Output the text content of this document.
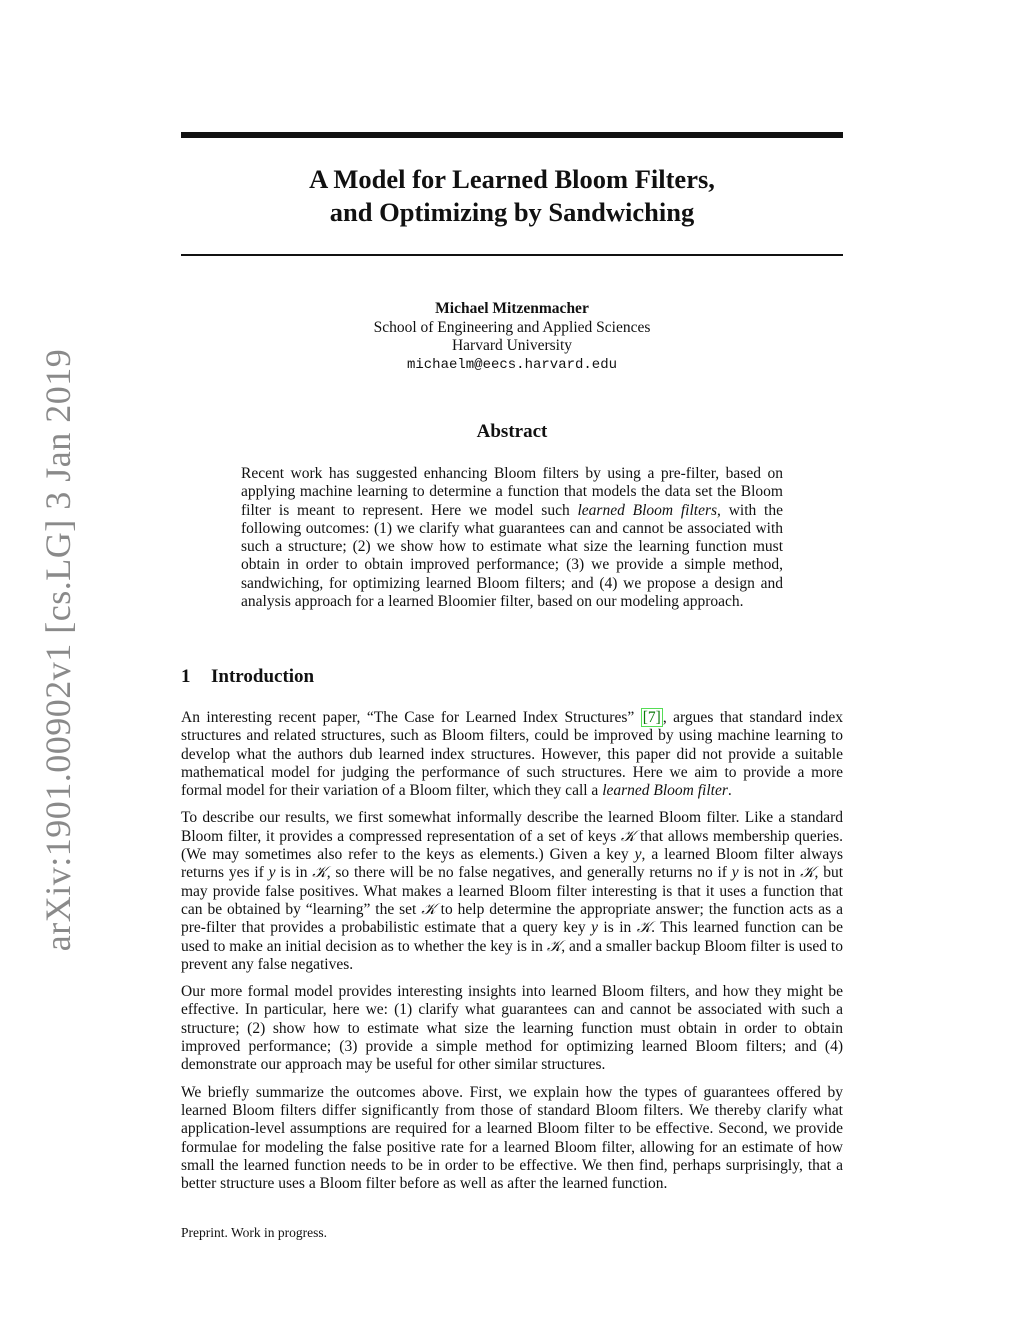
arXiv:1901.00902v1 [cs.LG] 3 Jan 2019
A Model for Learned Bloom Filters,
and Optimizing by Sandwiching
Michael Mitzenmacher
School of Engineering and Applied Sciences
Harvard University
michaelm@eecs.harvard.edu
Abstract
Recent work has suggested enhancing Bloom filters by using a pre-filter, based on applying machine learning to determine a function that models the data set the Bloom filter is meant to represent. Here we model such learned Bloom filters, with the following outcomes: (1) we clarify what guarantees can and cannot be associated with such a structure; (2) we show how to estimate what size the learning function must obtain in order to obtain improved performance; (3) we provide a simple method, sandwiching, for optimizing learned Bloom filters; and (4) we propose a design and analysis approach for a learned Bloomier filter, based on our modeling approach.
1 Introduction

An interesting recent paper, “The Case for Learned Index Structures” [7] , argues that standard index structures and related structures, such as Bloom filters, could be improved by using machine learning to develop what the authors dub learned index structures. However, this paper did not provide a suitable mathematical model for judging the performance of such structures. Here we aim to provide a more formal model for their variation of a Bloom filter, which they call a learned Bloom filter.

To describe our results, we first somewhat informally describe the learned Bloom filter. Like a standard Bloom filter, it provides a compressed representation of a set of keys 𝒦 that allows membership queries. (We may sometimes also refer to the keys as elements.) Given a key y, a learned Bloom filter always returns yes if y is in 𝒦, so there will be no false negatives, and generally returns no if y is not in 𝒦, but may provide false positives. What makes a learned Bloom filter interesting is that it uses a function that can be obtained by “learning” the set 𝒦 to help determine the appropriate answer; the function acts as a pre-filter that provides a probabilistic estimate that a query key y is in 𝒦. This learned function can be used to make an initial decision as to whether the key is in 𝒦, and a smaller backup Bloom filter is used to prevent any false negatives.

Our more formal model provides interesting insights into learned Bloom filters, and how they might be effective. In particular, here we: (1) clarify what guarantees can and cannot be associated with such a structure; (2) show how to estimate what size the learning function must obtain in order to obtain improved performance; (3) provide a simple method for optimizing learned Bloom filters; and (4) demonstrate our approach may be useful for other similar structures.

We briefly summarize the outcomes above. First, we explain how the types of guarantees offered by learned Bloom filters differ significantly from those of standard Bloom filters. We thereby clarify what application-level assumptions are required for a learned Bloom filter to be effective. Second, we provide formulae for modeling the false positive rate for a learned Bloom filter, allowing for an estimate of how small the learned function needs to be in order to be effective. We then find, perhaps surprisingly, that a better structure uses a Bloom filter before as well as after the learned function.

Preprint. Work in progress.
